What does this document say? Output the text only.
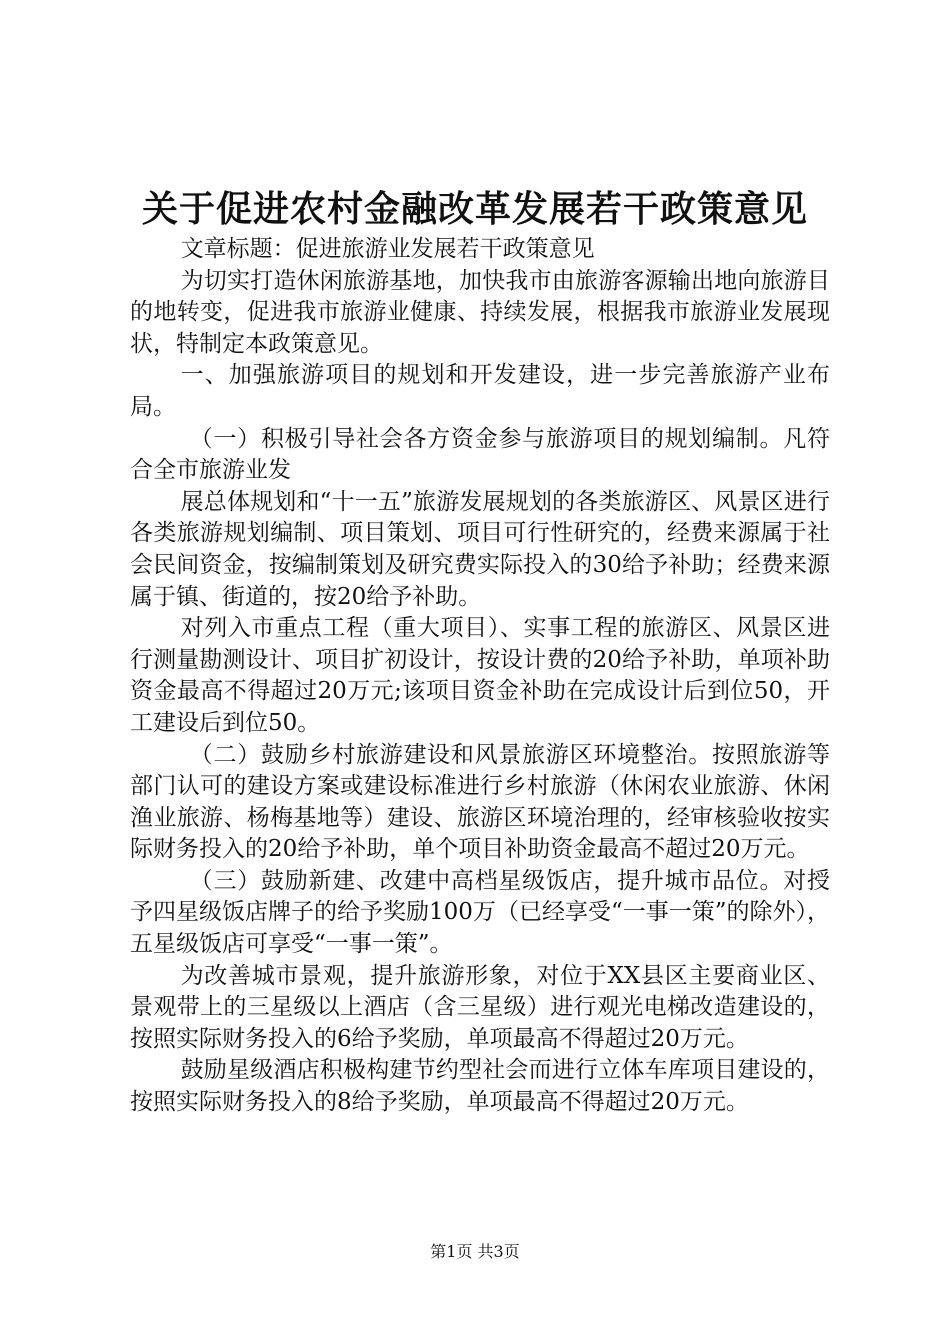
关于促进农村金融改革发展若干政策意见

文章标题：促进旅游业发展若干政策意见

为切实打造休闲旅游基地，加快我市由旅游客源输出地向旅游目的地转变，促进我市旅游业健康、持续发展，根据我市旅游业发展现状，特制定本政策意见。

一、加强旅游项目的规划和开发建设，进一步完善旅游产业布局。

（一）积极引导社会各方资金参与旅游项目的规划编制。凡符合全市旅游业发

展总体规划和“十一五”旅游发展规划的各类旅游区、风景区进行各类旅游规划编制、项目策划、项目可行性研究的，经费来源属于社会民间资金，按编制策划及研究费实际投入的30给予补助；经费来源属于镇、街道的，按20给予补助。

对列入市重点工程（重大项目）、实事工程的旅游区、风景区进行测量勘测设计、项目扩初设计，按设计费的20给予补助，单项补助资金最高不得超过20万元;该项目资金补助在完成设计后到位50，开工建设后到位50。

（二）鼓励乡村旅游建设和风景旅游区环境整治。按照旅游等部门认可的建设方案或建设标准进行乡村旅游（休闲农业旅游、休闲渔业旅游、杨梅基地等）建设、旅游区环境治理的，经审核验收按实际财务投入的20给予补助，单个项目补助资金最高不超过20万元。

（三）鼓励新建、改建中高档星级饭店，提升城市品位。对授予四星级饭店牌子的给予奖励100万（已经享受“一事一策”的除外），五星级饭店可享受“一事一策”。

为改善城市景观，提升旅游形象，对位于XX县区主要商业区、景观带上的三星级以上酒店（含三星级）进行观光电梯改造建设的，按照实际财务投入的6给予奖励，单项最高不得超过20万元。

鼓励星级酒店积极构建节约型社会而进行立体车库项目建设的，按照实际财务投入的8给予奖励，单项最高不得超过20万元。

第1页 共3页
